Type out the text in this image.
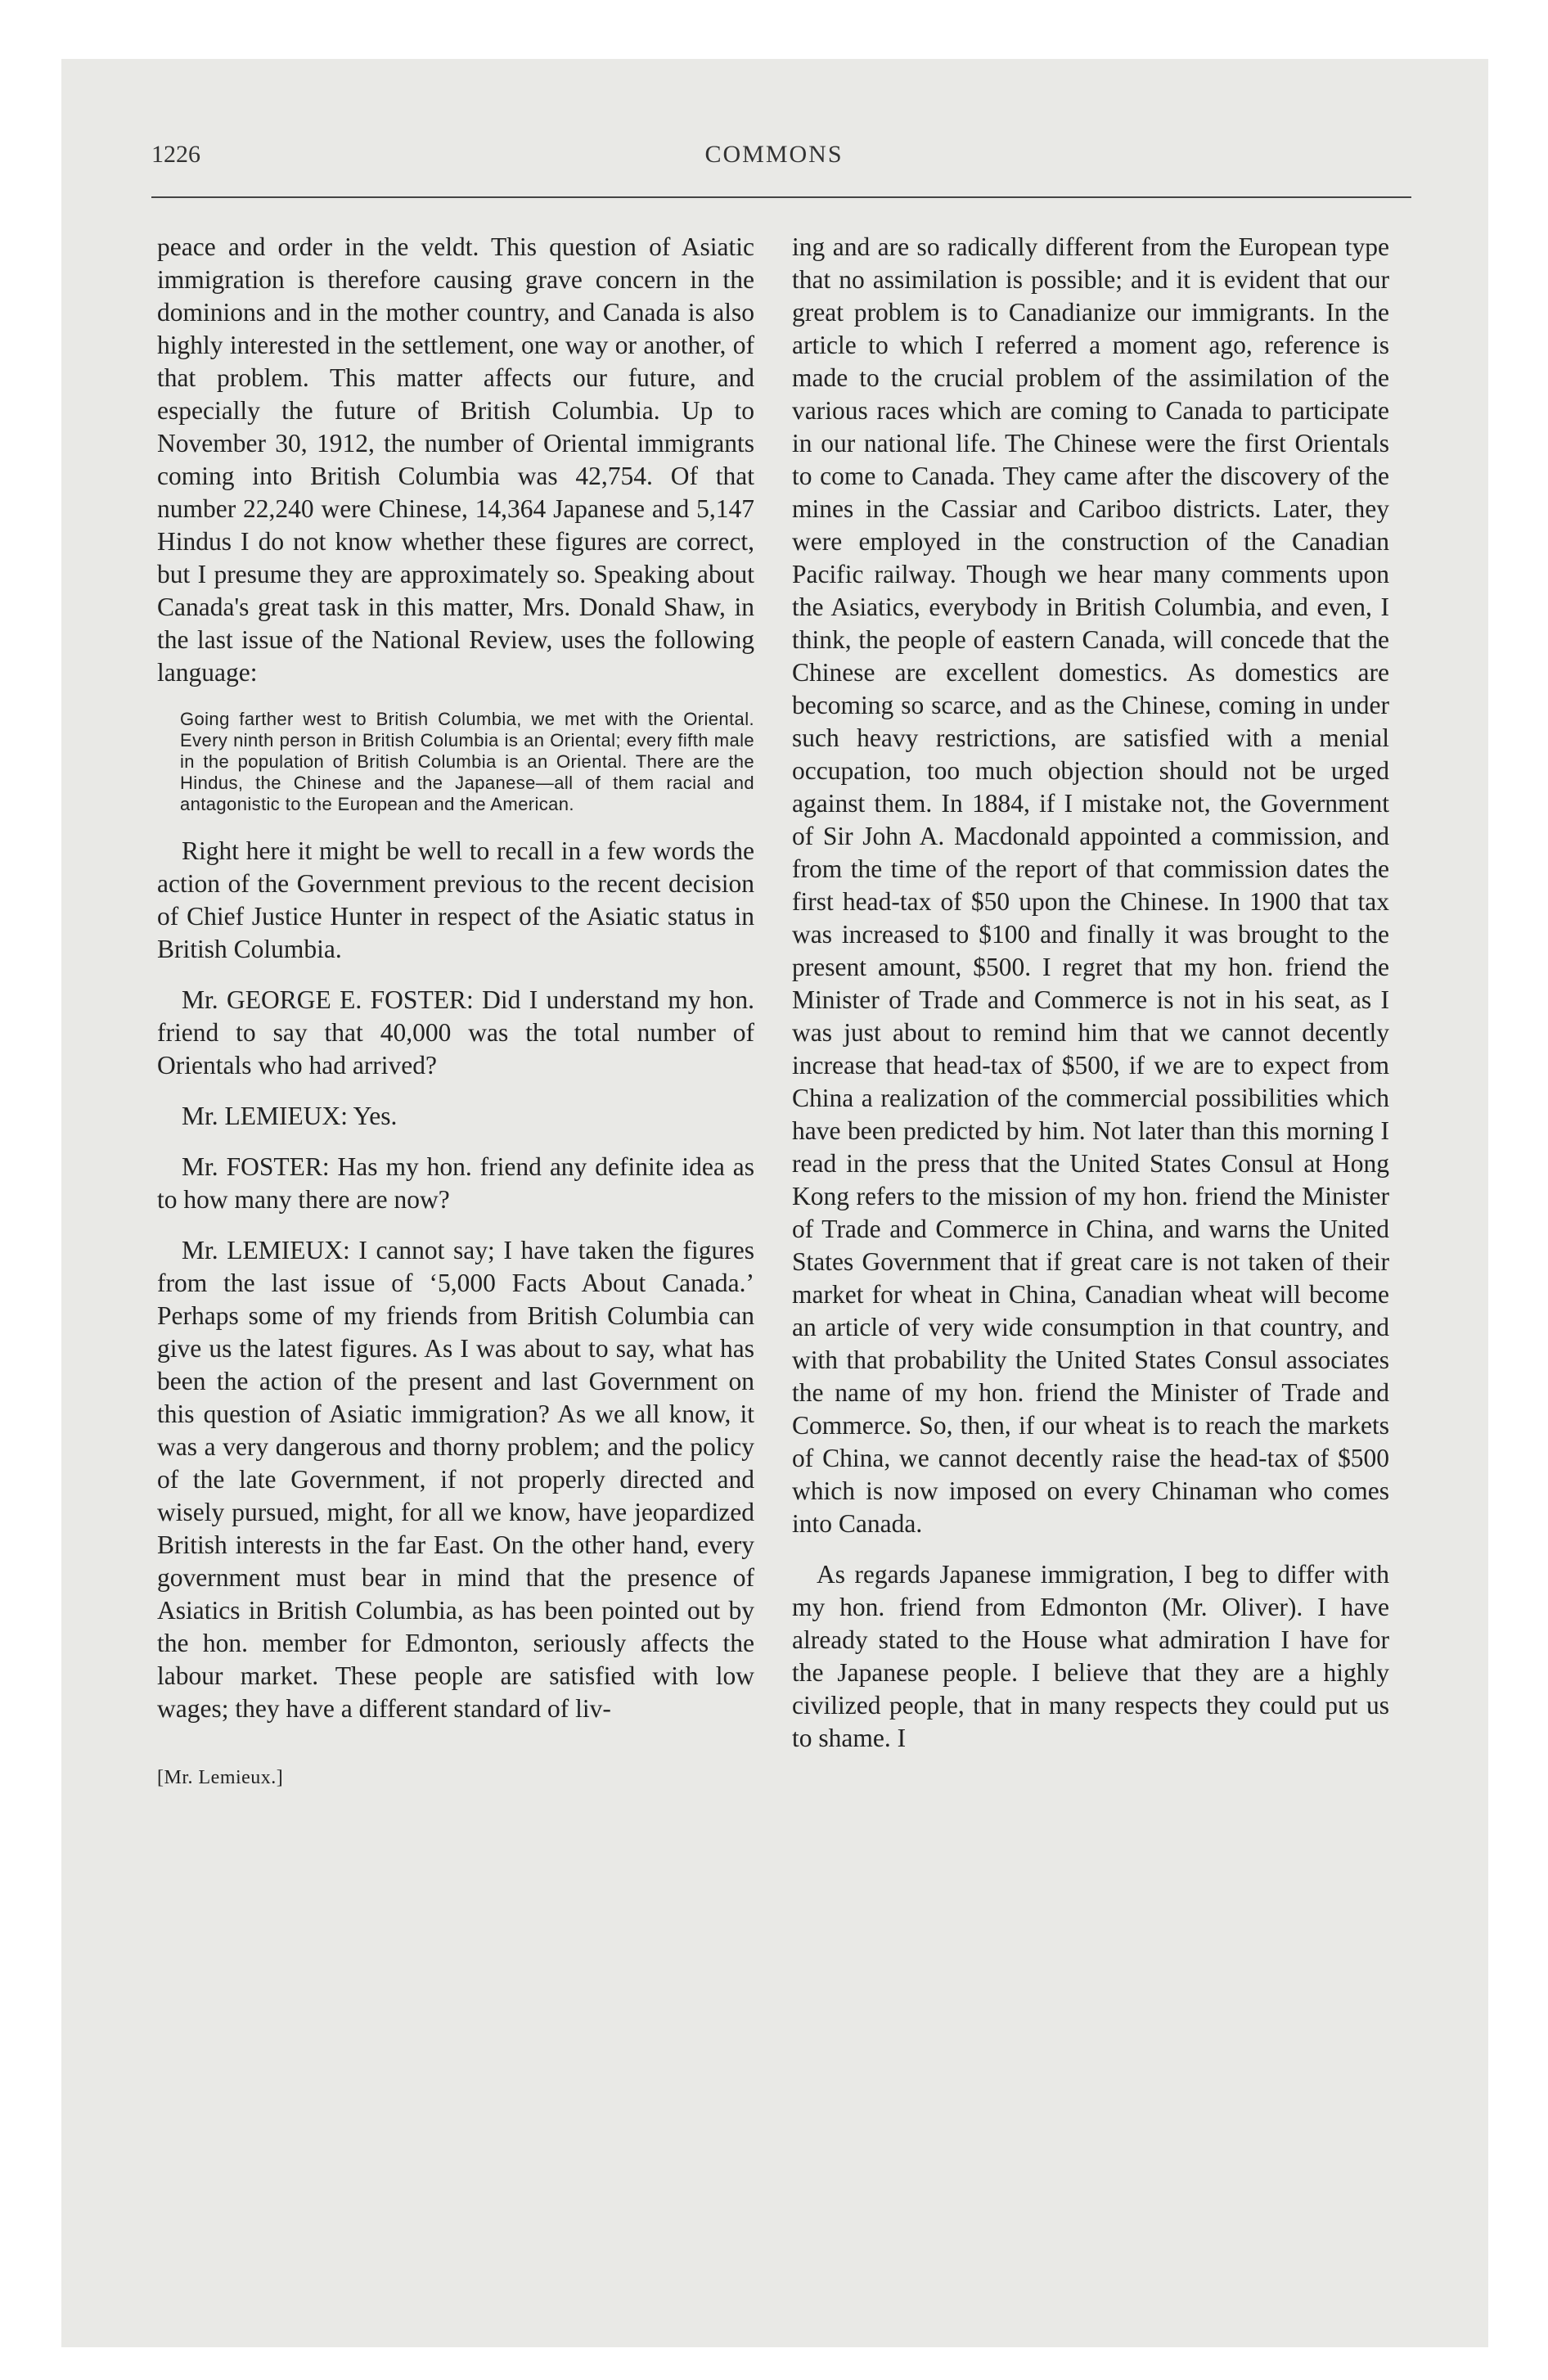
1226	COMMONS

peace and order in the veldt. This question of Asiatic immigration is therefore causing grave concern in the dominions and in the mother country, and Canada is also highly interested in the settlement, one way or another, of that problem. This matter affects our future, and especially the future of British Columbia. Up to November 30, 1912, the number of Oriental immigrants coming into British Columbia was 42,754. Of that number 22,240 were Chinese, 14,364 Japanese and 5,147 Hindus I do not know whether these figures are correct, but I presume they are approximately so. Speaking about Canada's great task in this matter, Mrs. Donald Shaw, in the last issue of the National Review, uses the following language:

Going farther west to British Columbia, we met with the Oriental. Every ninth person in British Columbia is an Oriental; every fifth male in the population of British Columbia is an Oriental. There are the Hindus, the Chinese and the Japanese—all of them racial and antagonistic to the European and the American.

Right here it might be well to recall in a few words the action of the Government previous to the recent decision of Chief Justice Hunter in respect of the Asiatic status in British Columbia.

Mr. GEORGE E. FOSTER: Did I understand my hon. friend to say that 40,000 was the total number of Orientals who had arrived?

Mr. LEMIEUX: Yes.

Mr. FOSTER: Has my hon. friend any definite idea as to how many there are now?

Mr. LEMIEUX: I cannot say; I have taken the figures from the last issue of ‘5,000 Facts About Canada.’ Perhaps some of my friends from British Columbia can give us the latest figures. As I was about to say, what has been the action of the present and last Government on this question of Asiatic immigration? As we all know, it was a very dangerous and thorny problem; and the policy of the late Government, if not properly directed and wisely pursued, might, for all we know, have jeopardized British interests in the far East. On the other hand, every government must bear in mind that the presence of Asiatics in British Columbia, as has been pointed out by the hon. member for Edmonton, seriously affects the labour market. These people are satisfied with low wages; they have a different standard of liv-

[Mr. Lemieux.]

ing and are so radically different from the European type that no assimilation is possible; and it is evident that our great problem is to Canadianize our immigrants. In the article to which I referred a moment ago, reference is made to the crucial problem of the assimilation of the various races which are coming to Canada to participate in our national life. The Chinese were the first Orientals to come to Canada. They came after the discovery of the mines in the Cassiar and Cariboo districts. Later, they were employed in the construction of the Canadian Pacific railway. Though we hear many comments upon the Asiatics, everybody in British Columbia, and even, I think, the people of eastern Canada, will concede that the Chinese are excellent domestics. As domestics are becoming so scarce, and as the Chinese, coming in under such heavy restrictions, are satisfied with a menial occupation, too much objection should not be urged against them. In 1884, if I mistake not, the Government of Sir John A. Macdonald appointed a commission, and from the time of the report of that commission dates the first head-tax of $50 upon the Chinese. In 1900 that tax was increased to $100 and finally it was brought to the present amount, $500. I regret that my hon. friend the Minister of Trade and Commerce is not in his seat, as I was just about to remind him that we cannot decently increase that head-tax of $500, if we are to expect from China a realization of the commercial possibilities which have been predicted by him. Not later than this morning I read in the press that the United States Consul at Hong Kong refers to the mission of my hon. friend the Minister of Trade and Commerce in China, and warns the United States Government that if great care is not taken of their market for wheat in China, Canadian wheat will become an article of very wide consumption in that country, and with that probability the United States Consul associates the name of my hon. friend the Minister of Trade and Commerce. So, then, if our wheat is to reach the markets of China, we cannot decently raise the head-tax of $500 which is now imposed on every Chinaman who comes into Canada.

As regards Japanese immigration, I beg to differ with my hon. friend from Edmonton (Mr. Oliver). I have already stated to the House what admiration I have for the Japanese people. I believe that they are a highly civilized people, that in many respects they could put us to shame. I
